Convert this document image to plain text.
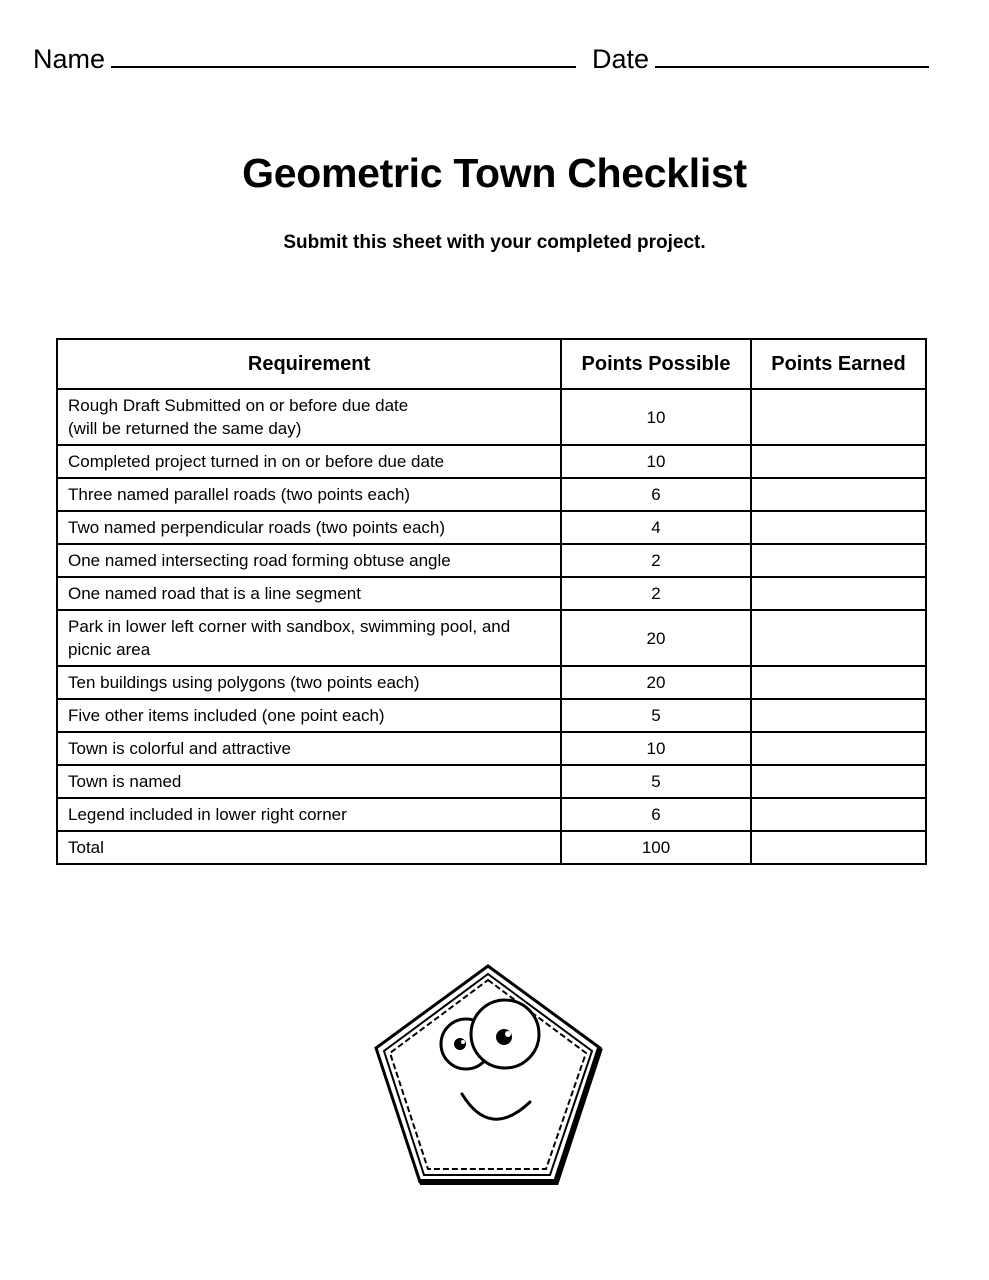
Name	Date
Geometric Town Checklist
Submit this sheet with your completed project.
Requirement	Points Possible	Points Earned
Rough Draft Submitted on or before due date
(will be returned the same day)	10	
Completed project turned in on or before due date	10	
Three named parallel roads (two points each)	6	
Two named perpendicular roads (two points each)	4	
One named intersecting road forming obtuse angle	2	
One named road that is a line segment	2	
Park in lower left corner with sandbox, swimming pool, and picnic area	20	
Ten buildings using polygons (two points each)	20	
Five other items included (one point each)	5	
Town is colorful and attractive	10	
Town is named	5	
Legend included in lower right corner	6	
Total	100	
